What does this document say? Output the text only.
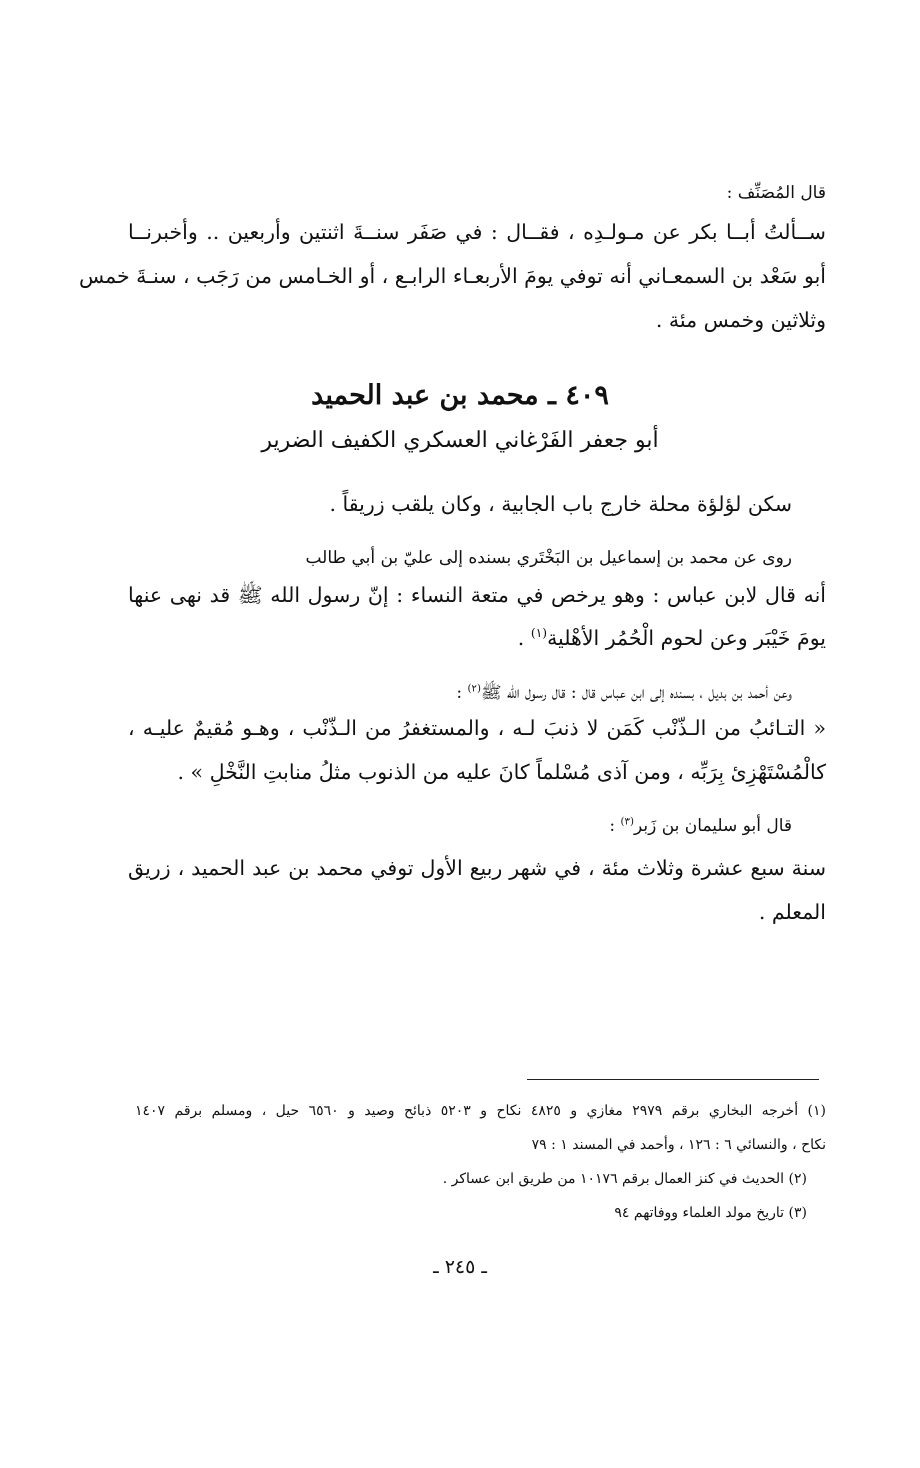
قال المُصَنِّف :
ســألتُ أبــا بكر عن مـولـدِه ، فقــال : في صَفَر سنــةَ اثنتين وأربعين .. وأخبرنــا
أبو سَعْد بن السمعـاني أنه توفي يومَ الأربعـاء الرابـع ، أو الخـامس من رَجَب ، سنـةَ خمس
وثلاثين وخمس مئة .
٤٠٩ ـ محمد بن عبد الحميد
أبو جعفر الفَرْغاني العسكري الكفيف الضرير
سكن لؤلؤة محلة خارج باب الجابية ، وكان يلقب زريقاً .
روى عن محمد بن إسماعيل بن البَخْتَري بسنده إلى عليّ بن أبي طالب
أنه قال لابن عباس : وهو يرخص في متعة النساء : إنّ رسول الله ﷺ قد نهى عنها
يومَ خَيْبَر وعن لحوم الْحُمُر الأهْلية$^{(١)}$ .
وعن أحمد بن بديل ، بسنده إلى ابن عباس قال : قال رسول الله ﷺ$^{(٢)}$ :
« التـائبُ من الـذّنْب كَمَن لا ذنبَ لـه ، والمستغفرُ من الـذّنْب ، وهـو مُقيمٌ عليـه ،
كالْمُسْتَهْزِئ بِرَبِّه ، ومن آذى مُسْلماً كانَ عليه من الذنوب مثلُ منابتِ النَّخْلِ » .
قال أبو سليمان بن زَبر$^{(٣)}$ :
سنة سبع عشرة وثلاث مئة ، في شهر ربيع الأول توفي محمد بن عبد الحميد ، زريق
المعلم .
(١) أخرجه البخاري برقم ٢٩٧٩ مغازي و ٤٨٢٥ نكاح و ٥٢٠٣ ذبائح وصيد و ٦٥٦٠ حيل ، ومسلم برقم ١٤٠٧
نكاح ، والنسائي ٦ : ١٢٦ ، وأحمد في المسند ١ : ٧٩
(٢) الحديث في كنز العمال برقم ١٠١٧٦ من طريق ابن عساكر .
(٣) تاريخ مولد العلماء ووفاتهم ٩٤
ـ ٢٤٥ ـ
